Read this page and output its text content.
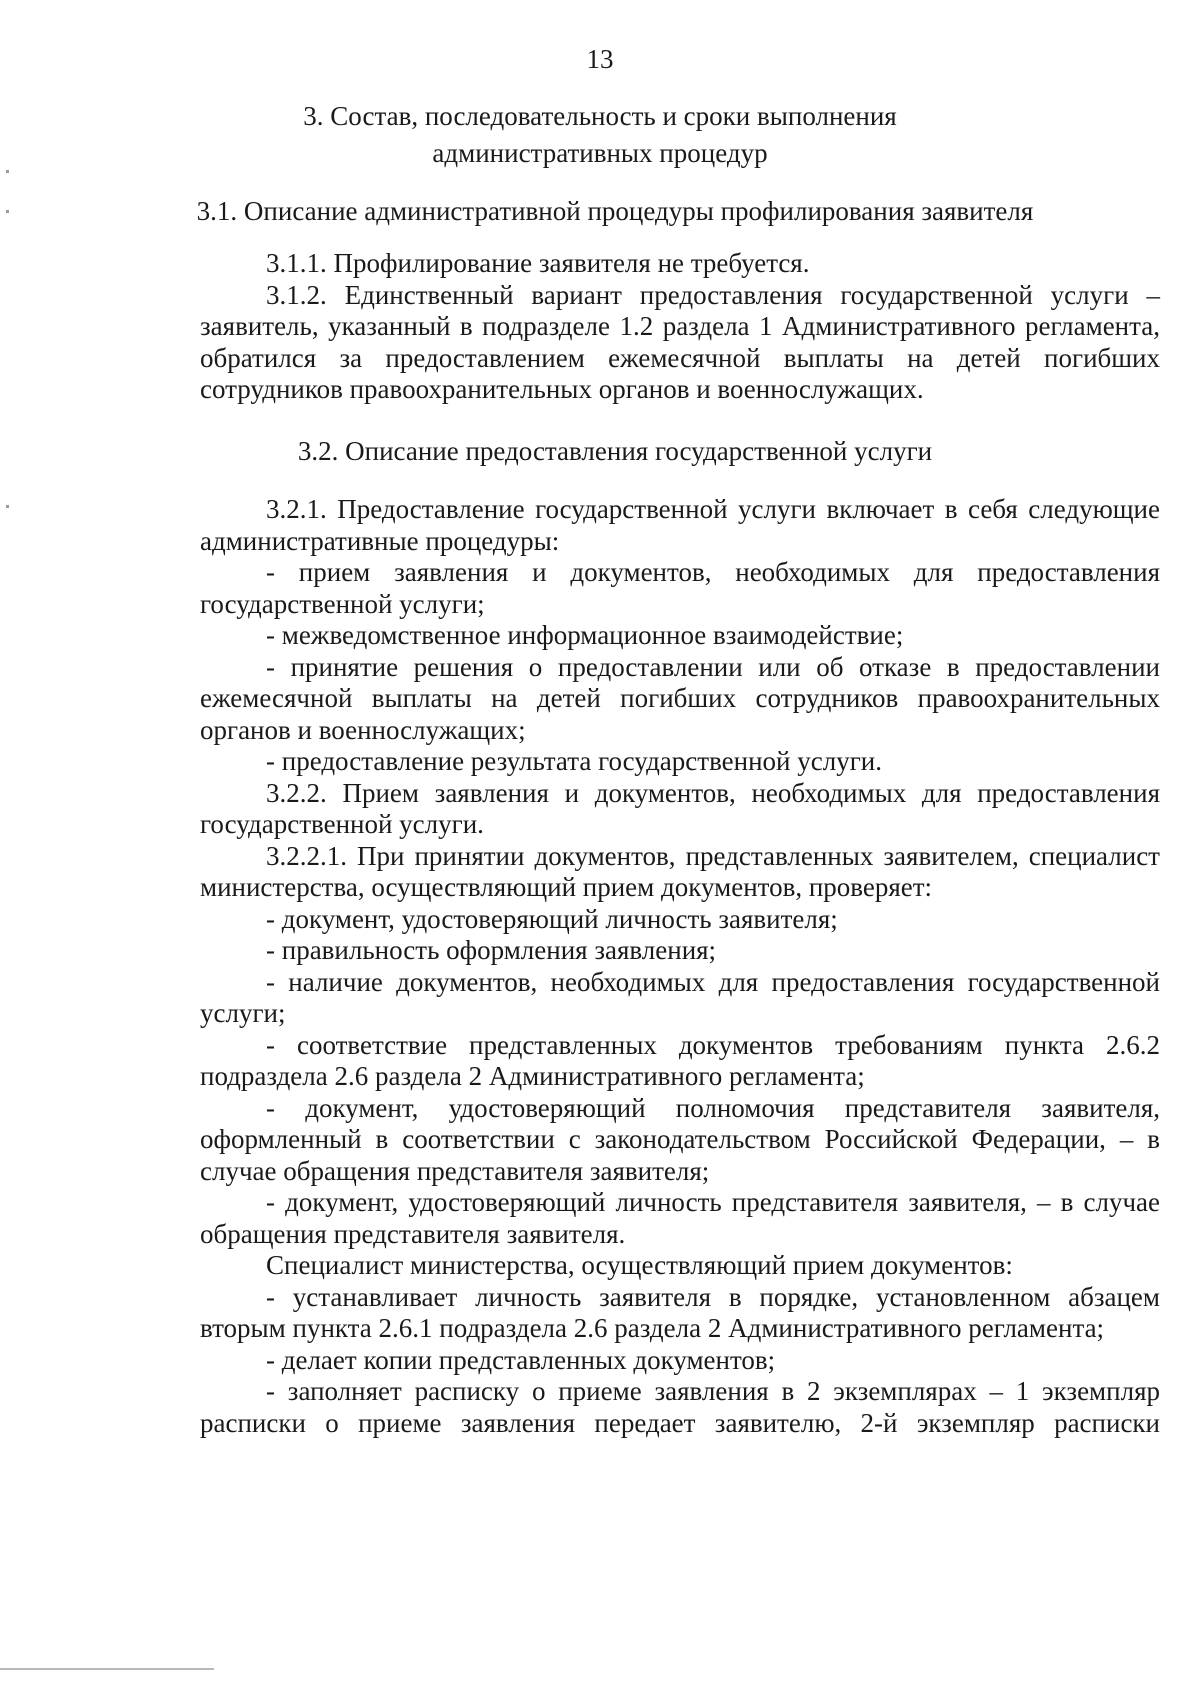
13
3. Состав, последовательность и сроки выполнения
административных процедур
3.1. Описание административной процедуры профилирования заявителя

3.1.1. Профилирование заявителя не требуется.

3.1.2. Единственный вариант предоставления государственной услуги – заявитель, указанный в подразделе 1.2 раздела 1 Административного регламента, обратился за предоставлением ежемесячной выплаты на детей погибших сотрудников правоохранительных органов и военнослужащих.

3.2. Описание предоставления государственной услуги

3.2.1. Предоставление государственной услуги включает в себя следующие административные процедуры:

- прием заявления и документов, необходимых для предоставления государственной услуги;

- межведомственное информационное взаимодействие;

- принятие решения о предоставлении или об отказе в предоставлении ежемесячной выплаты на детей погибших сотрудников правоохранительных органов и военнослужащих;

- предоставление результата государственной услуги.

3.2.2. Прием заявления и документов, необходимых для предоставления государственной услуги.

3.2.2.1. При принятии документов, представленных заявителем, специалист министерства, осуществляющий прием документов, проверяет:

- документ, удостоверяющий личность заявителя;

- правильность оформления заявления;

- наличие документов, необходимых для предоставления государственной услуги;

- соответствие представленных документов требованиям пункта 2.6.2 подраздела 2.6 раздела 2 Административного регламента;

- документ, удостоверяющий полномочия представителя заявителя, оформленный в соответствии с законодательством Российской Федерации, – в случае обращения представителя заявителя;

- документ, удостоверяющий личность представителя заявителя, – в случае обращения представителя заявителя.

Специалист министерства, осуществляющий прием документов:

- устанавливает личность заявителя в порядке, установленном абзацем вторым пункта 2.6.1 подраздела 2.6 раздела 2 Административного регламента;

- делает копии представленных документов;

- заполняет расписку о приеме заявления в 2 экземплярах – 1 экземпляр расписки о приеме заявления передает заявителю, 2-й экземпляр расписки
